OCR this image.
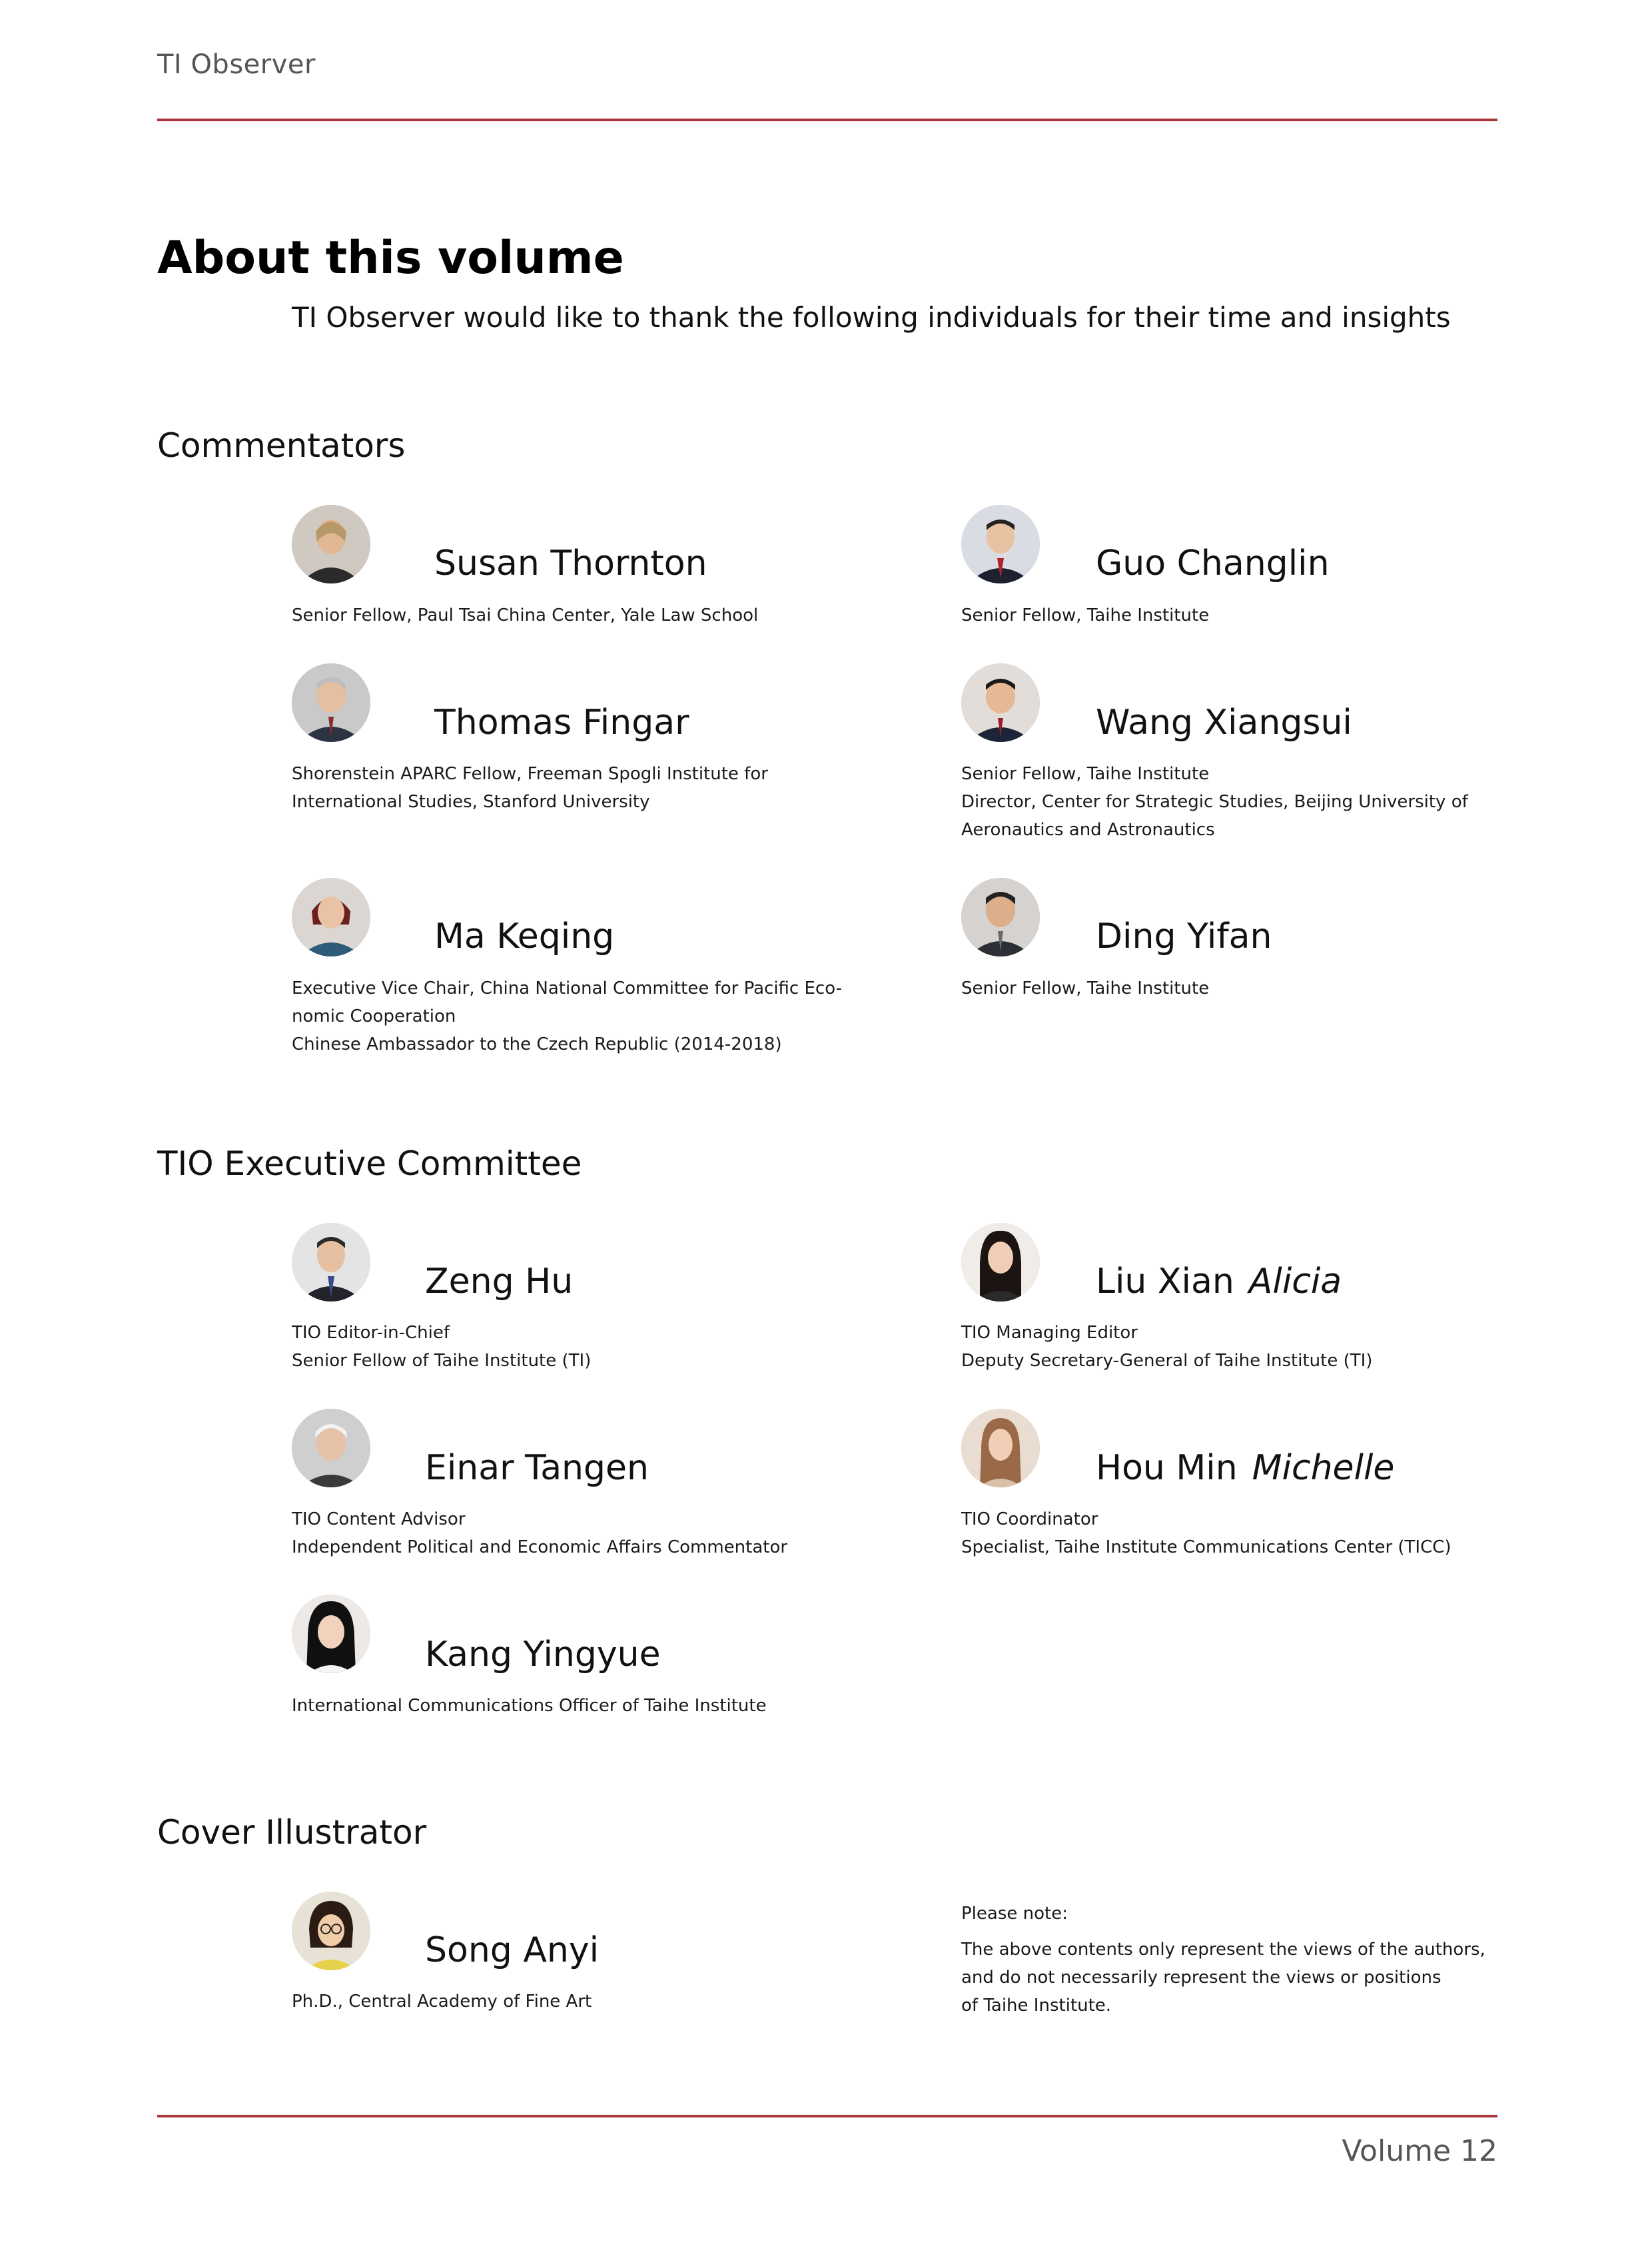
TI Observer
About this volume
TI Observer would like to thank the following individuals for their time and insights
Commentators
Susan Thornton
Senior Fellow, Paul Tsai China Center, Yale Law School
Guo Changlin
Senior Fellow, Taihe Institute
Thomas Fingar
Shorenstein APARC Fellow, Freeman Spogli Institute for
International Studies, Stanford University
Wang Xiangsui
Senior Fellow, Taihe Institute
Director, Center for Strategic Studies, Beijing University of
Aeronautics and Astronautics
Ma Keqing
Executive Vice Chair, China National Committee for Pacific Eco-
nomic Cooperation
Chinese Ambassador to the Czech Republic (2014-2018)
Ding Yifan
Senior Fellow, Taihe Institute
TIO Executive Committee
Zeng Hu
TIO Editor-in-Chief
Senior Fellow of Taihe Institute (TI)
Liu Xian Alicia
TIO Managing Editor
Deputy Secretary-General of Taihe Institute (TI)
Einar Tangen
TIO Content Advisor
Independent Political and Economic Affairs Commentator
Hou Min Michelle
TIO Coordinator
Specialist, Taihe Institute Communications Center (TICC)
Kang Yingyue
International Communications Officer of Taihe Institute
Cover Illustrator
Song Anyi
Ph.D., Central Academy of Fine Art
Please note:
The above contents only represent the views of the authors,
and do not necessarily represent the views or positions
of Taihe Institute.
Volume 12
